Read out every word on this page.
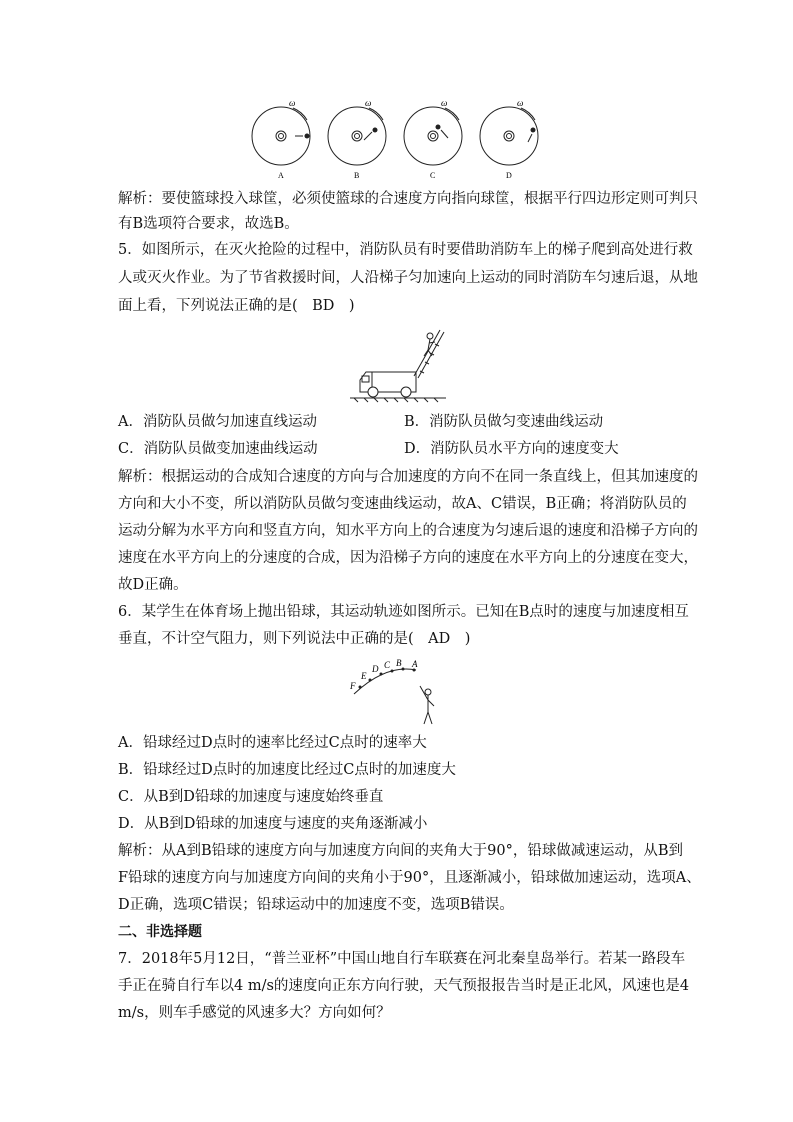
ω	ω	ω	ω
A	B	C	D
解析：要使篮球投入球筐，必须使篮球的合速度方向指向球筐，根据平行四边形定则可判只
有B选项符合要求，故选B。
5．如图所示，在灭火抢险的过程中，消防队员有时要借助消防车上的梯子爬到高处进行救
人或灭火作业。为了节省救援时间，人沿梯子匀加速向上运动的同时消防车匀速后退，从地
面上看，下列说法正确的是(　BD　)
A．消防队员做匀加速直线运动	B．消防队员做匀变速曲线运动
C．消防队员做变加速曲线运动	D．消防队员水平方向的速度变大
解析：根据运动的合成知合速度的方向与合加速度的方向不在同一条直线上，但其加速度的
方向和大小不变，所以消防队员做匀变速曲线运动，故A、C错误，B正确；将消防队员的
运动分解为水平方向和竖直方向，知水平方向上的合速度为匀速后退的速度和沿梯子方向的
速度在水平方向上的分速度的合成，因为沿梯子方向的速度在水平方向上的分速度在变大，
故D正确。
6．某学生在体育场上抛出铅球，其运动轨迹如图所示。已知在B点时的速度与加速度相互
垂直，不计空气阻力，则下列说法中正确的是(　AD　)
F
E
D C B A
A．铅球经过D点时的速率比经过C点时的速率大
B．铅球经过D点时的加速度比经过C点时的加速度大
C．从B到D铅球的加速度与速度始终垂直
D．从B到D铅球的加速度与速度的夹角逐渐减小
解析：从A到B铅球的速度方向与加速度方向间的夹角大于90°，铅球做减速运动，从B到
F铅球的速度方向与加速度方向间的夹角小于90°，且逐渐减小，铅球做加速运动，选项A、
D正确，选项C错误；铅球运动中的加速度不变，选项B错误。
二、非选择题
7．2018年5月12日，“普兰亚杯”中国山地自行车联赛在河北秦皇岛举行。若某一路段车
手正在骑自行车以4 m/s的速度向正东方向行驶，天气预报报告当时是正北风，风速也是4
m/s，则车手感觉的风速多大？方向如何？
